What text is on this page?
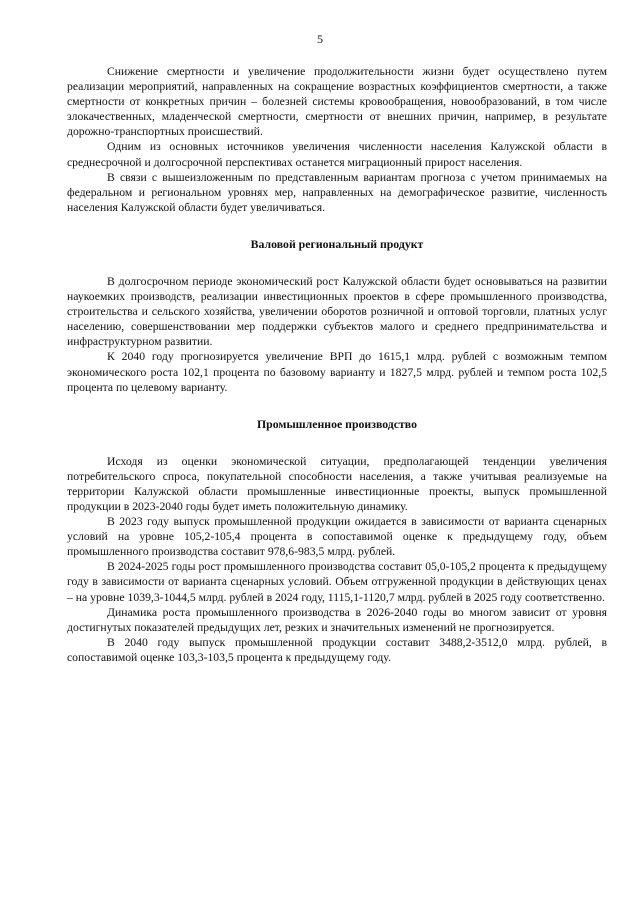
5

Снижение смертности и увеличение продолжительности жизни будет осуществлено путем реализации мероприятий, направленных на сокращение возрастных коэффициентов смертности, а также смертности от конкретных причин – болезней системы кровообращения, новообразований, в том числе злокачественных, младенческой смертности, смертности от внешних причин, например, в результате дорожно-транспортных происшествий.

Одним из основных источников увеличения численности населения Калужской области в среднесрочной и долгосрочной перспективах останется миграционный прирост населения.

В связи с вышеизложенным по представленным вариантам прогноза с учетом принимаемых на федеральном и региональном уровнях мер, направленных на демографическое развитие, численность населения Калужской области будет увеличиваться.

Валовой региональный продукт

В долгосрочном периоде экономический рост Калужской области будет основываться на развитии наукоемких производств, реализации инвестиционных проектов в сфере промышленного производства, строительства и сельского хозяйства, увеличении оборотов розничной и оптовой торговли, платных услуг населению, совершенствовании мер поддержки субъектов малого и среднего предпринимательства и инфраструктурном развитии.

К 2040 году прогнозируется увеличение ВРП до 1615,1 млрд. рублей с возможным темпом экономического роста 102,1 процента по базовому варианту и 1827,5 млрд. рублей и темпом роста 102,5 процента по целевому варианту.

Промышленное производство

Исходя из оценки экономической ситуации, предполагающей тенденции увеличения потребительского спроса, покупательной способности населения, а также учитывая реализуемые на территории Калужской области промышленные инвестиционные проекты, выпуск промышленной продукции в 2023-2040 годы будет иметь положительную динамику.

В 2023 году выпуск промышленной продукции ожидается в зависимости от варианта сценарных условий на уровне 105,2-105,4 процента в сопоставимой оценке к предыдущему году, объем промышленного производства составит 978,6-983,5 млрд. рублей.

В 2024-2025 годы рост промышленного производства составит 05,0-105,2 процента к предыдущему году в зависимости от варианта сценарных условий. Объем отгруженной продукции в действующих ценах – на уровне 1039,3-1044,5 млрд. рублей в 2024 году, 1115,1-1120,7 млрд. рублей в 2025 году соответственно.

Динамика роста промышленного производства в 2026-2040 годы во многом зависит от уровня достигнутых показателей предыдущих лет, резких и значительных изменений не прогнозируется.

В 2040 году выпуск промышленной продукции составит 3488,2-3512,0 млрд. рублей, в сопоставимой оценке 103,3-103,5 процента к предыдущему году.
